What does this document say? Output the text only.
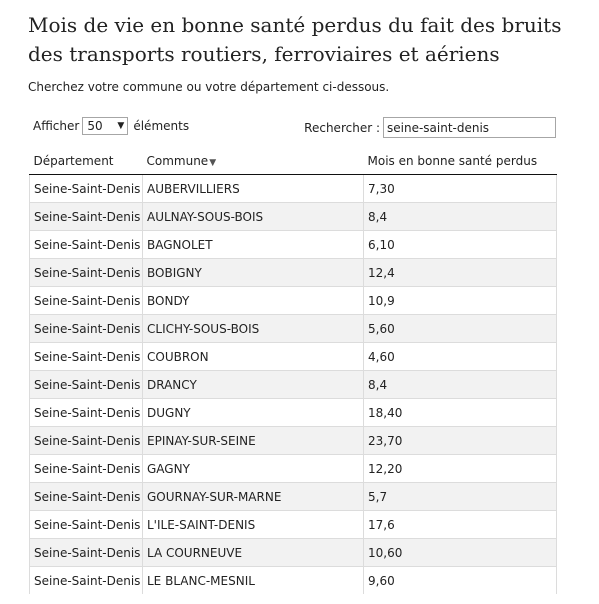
Mois de vie en bonne santé perdus du fait des bruits des transports routiers, ferroviaires et aériens
Cherchez votre commune ou votre département ci-dessous.
Afficher 50 ▼ éléments	Rechercher :
seine-saint-denis
Département	Commune▼	Mois en bonne santé perdus
Seine-Saint-Denis	AUBERVILLIERS	7,30
Seine-Saint-Denis	AULNAY-SOUS-BOIS	8,4
Seine-Saint-Denis	BAGNOLET	6,10
Seine-Saint-Denis	BOBIGNY	12,4
Seine-Saint-Denis	BONDY	10,9
Seine-Saint-Denis	CLICHY-SOUS-BOIS	5,60
Seine-Saint-Denis	COUBRON	4,60
Seine-Saint-Denis	DRANCY	8,4
Seine-Saint-Denis	DUGNY	18,40
Seine-Saint-Denis	EPINAY-SUR-SEINE	23,70
Seine-Saint-Denis	GAGNY	12,20
Seine-Saint-Denis	GOURNAY-SUR-MARNE	5,7
Seine-Saint-Denis	L'ILE-SAINT-DENIS	17,6
Seine-Saint-Denis	LA COURNEUVE	10,60
Seine-Saint-Denis	LE BLANC-MESNIL	9,60
